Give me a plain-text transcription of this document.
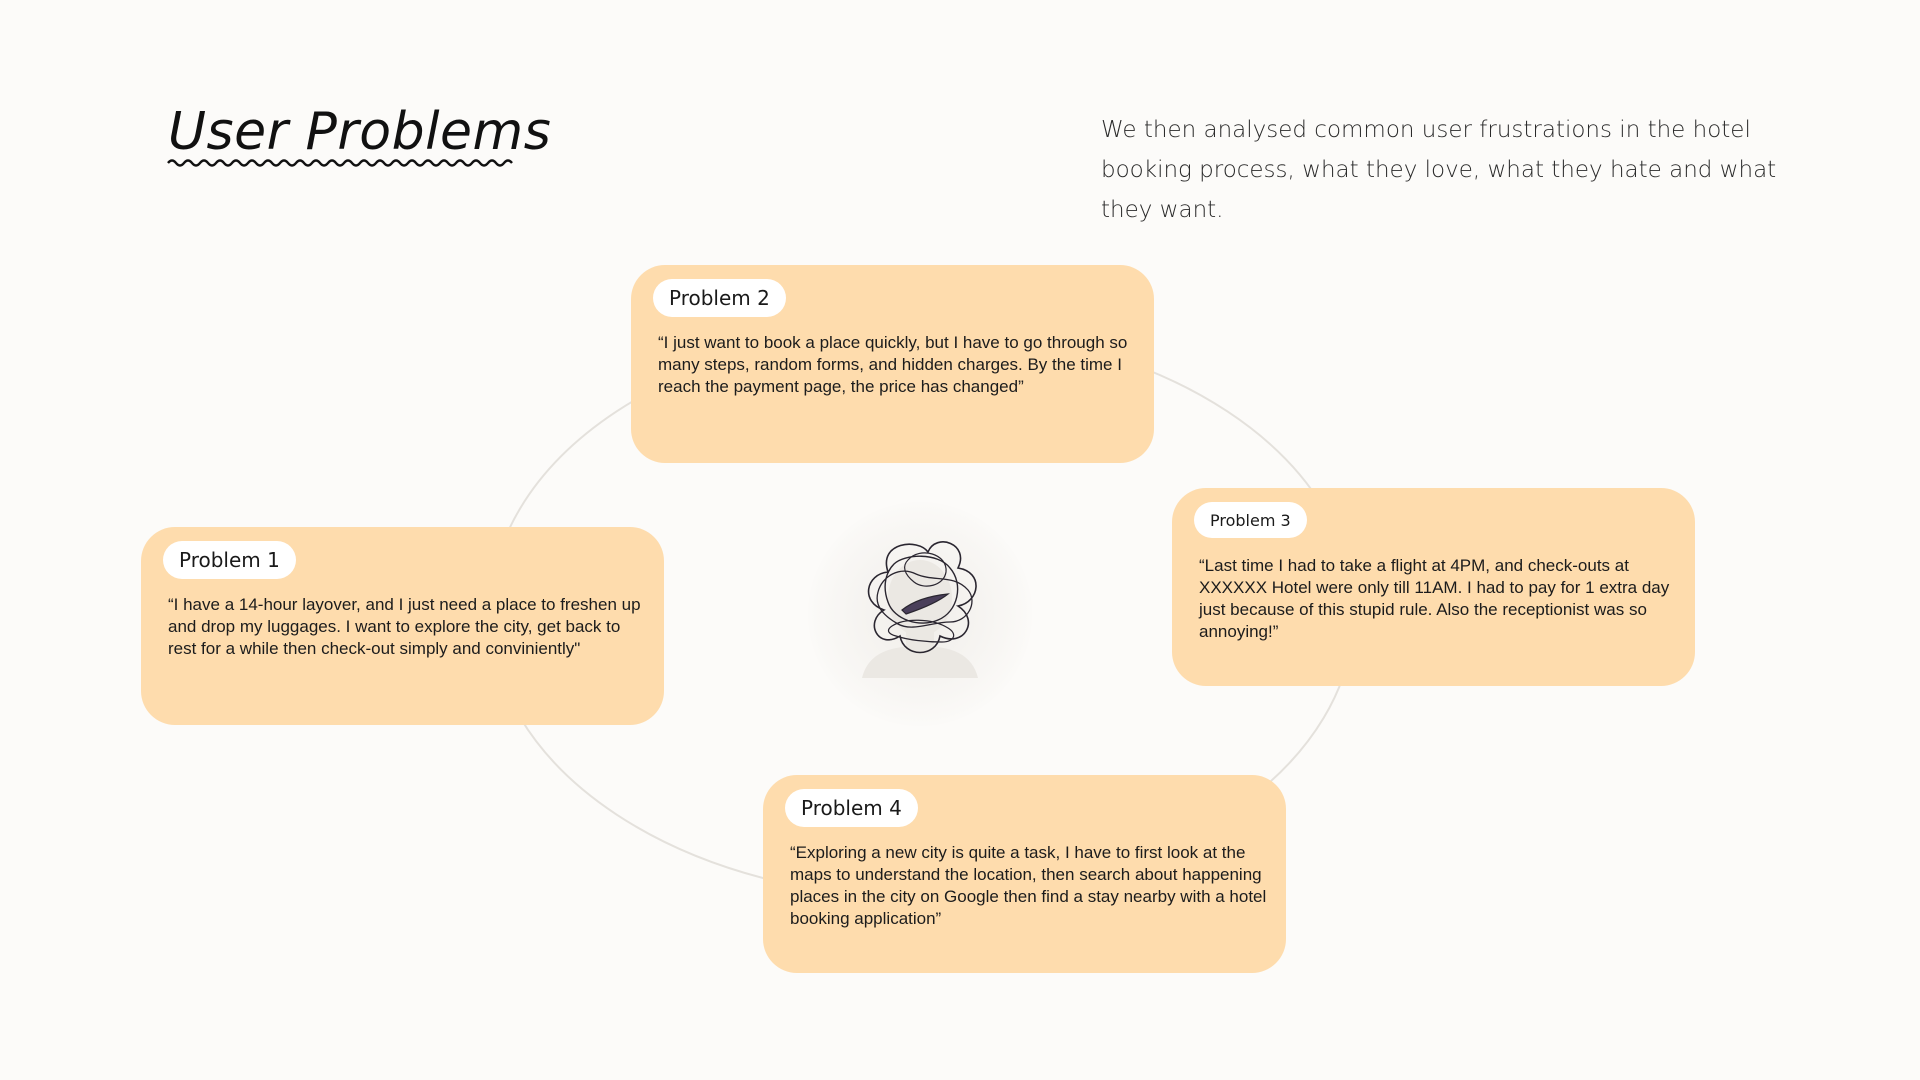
User Problems	We then analysed common user frustrations in the hotel booking process, what they love, what they hate and what they want.

Problem 2

“I just want to book a place quickly, but I have to go through so many steps, random forms, and hidden charges. By the time I reach the payment page, the price has changed”

Problem 1

“I have a 14-hour layover, and I just need a place to freshen up and drop my luggages. I want to explore the city, get back to rest for a while then check-out simply and conviniently"

Problem 3

“Last time I had to take a flight at 4PM, and check-outs at XXXXXX Hotel were only till 11AM. I had to pay for 1 extra day just because of this stupid rule. Also the receptionist was so annoying!”

Problem 4

“Exploring a new city is quite a task, I have to first look at the maps to understand the location, then search about happening places in the city on Google then find a stay nearby with a hotel booking application”
